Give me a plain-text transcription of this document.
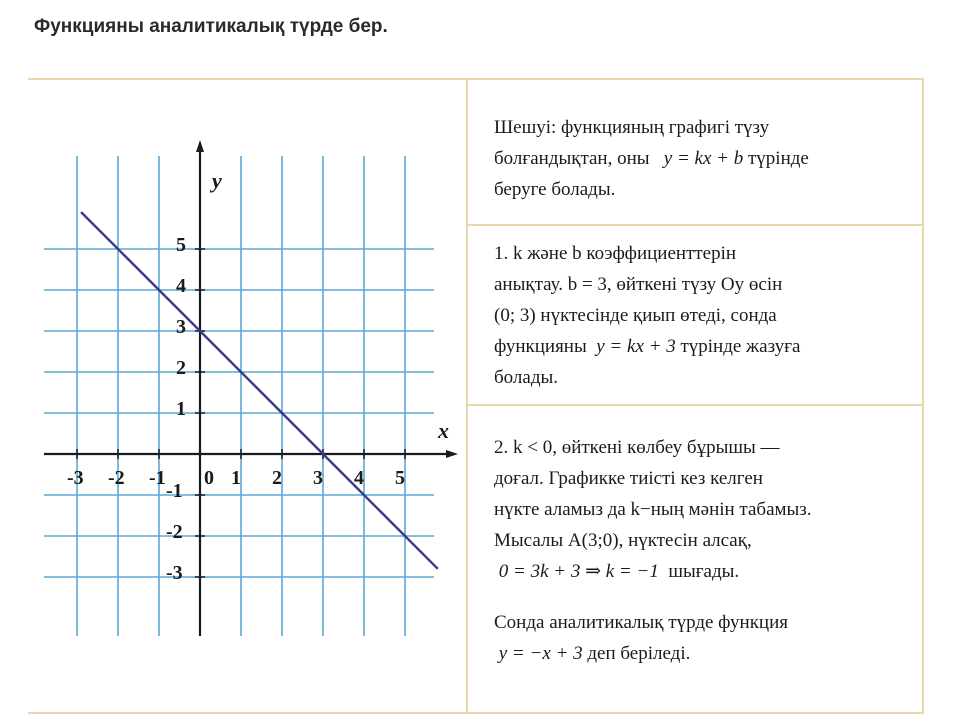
Функцияны аналитикалық түрде бер.
-3 -2 -1	1 2 3 4 5
5
4
3
2
1
-1
-2
-3
0
x
y
Шешуі: функцияның графигі түзу
болғандықтан, оны y = kx + b түрінде
беруге болады.
1. k және b коэффициенттерін
анықтау. b = 3, өйткені түзу Oy өсін
(0; 3) нүктесінде қиып өтеді, сонда
функцияны y = kx + 3 түрінде жазуға
болады.
2. k < 0, өйткені көлбеу бұрышы —
доғал. Графикке тиісті кез келген
нүкте аламыз да k−ның мәнін табамыз.
Мысалы A(3;0), нүктесін алсақ,
0 = 3k + 3 ⇒ k = −1 шығады.
Сонда аналитикалық түрде функция
y = −x + 3 деп беріледі.
